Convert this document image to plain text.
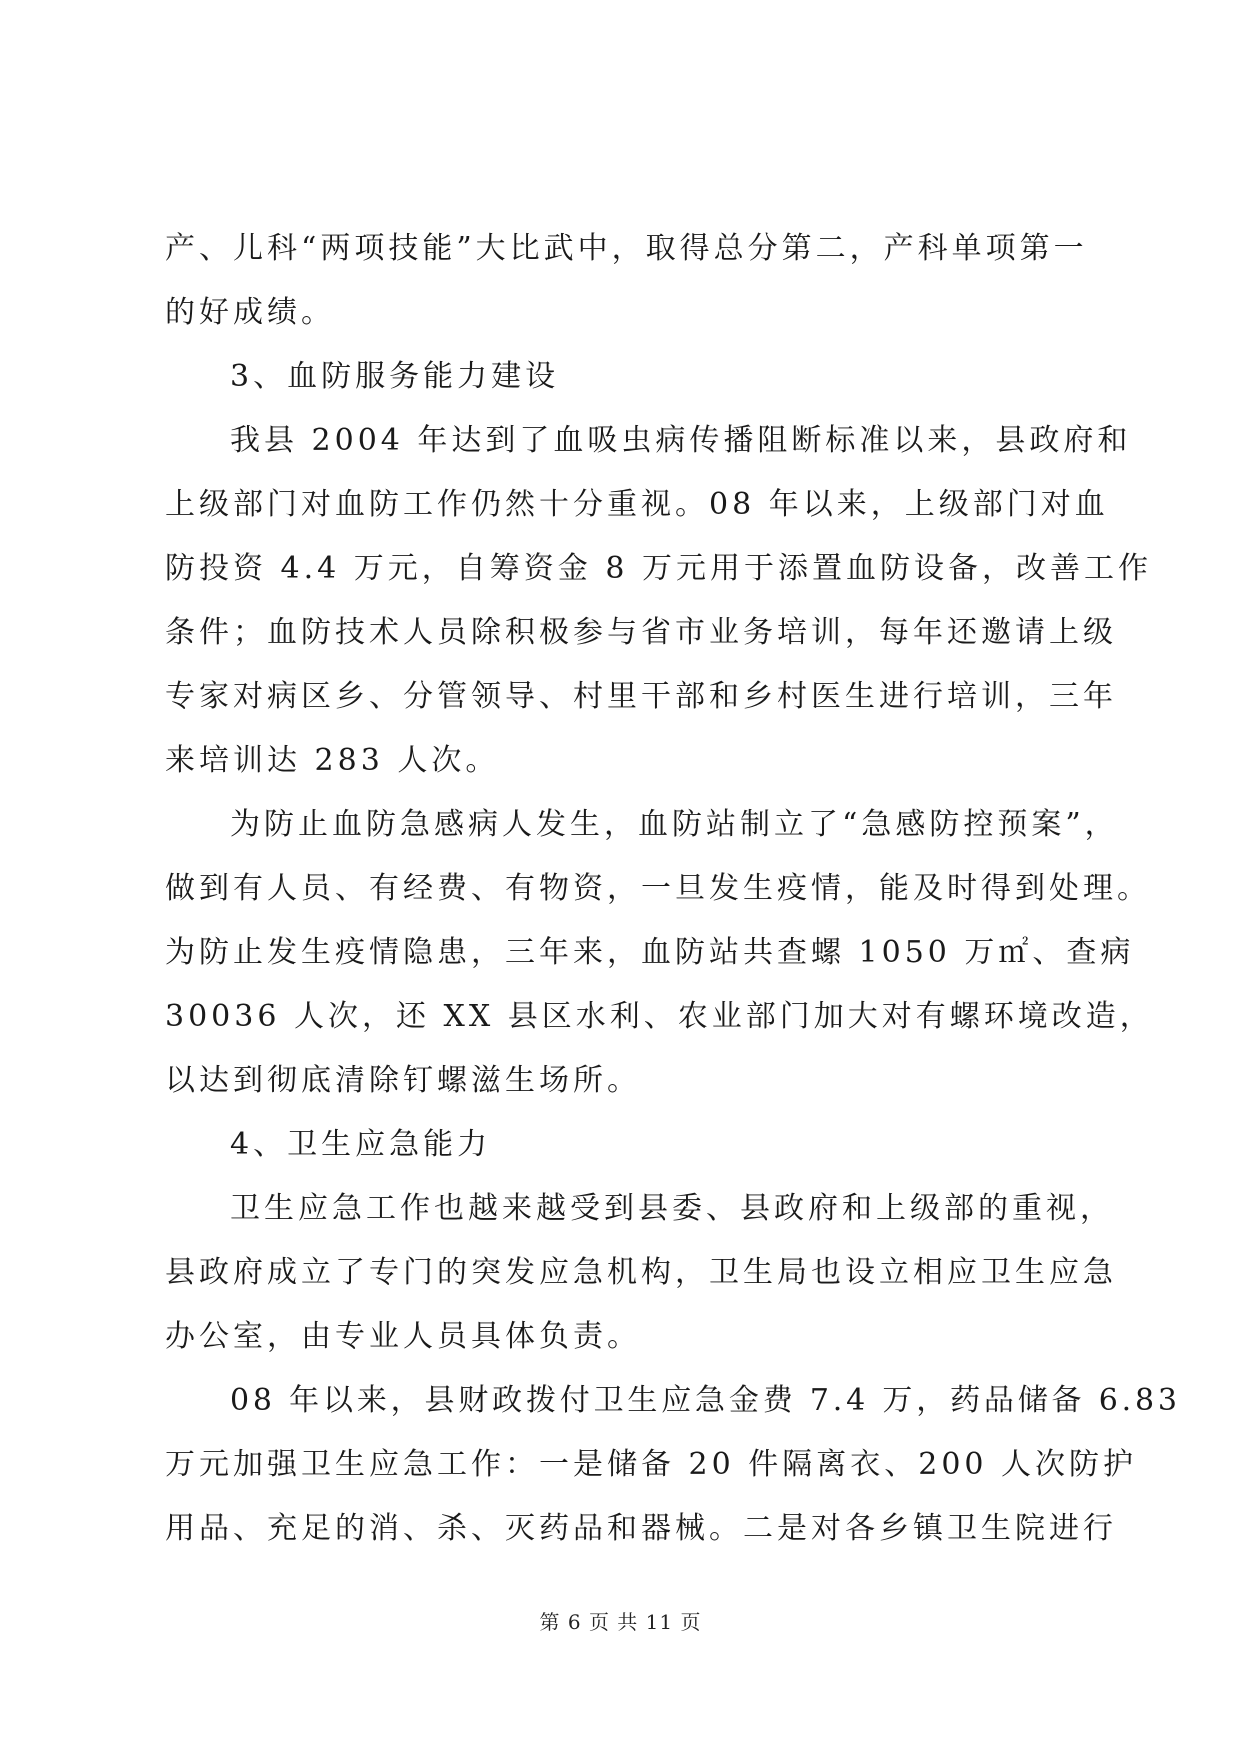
产、儿科“两项技能”大比武中，取得总分第二，产科单项第一
的好成绩。
3、血防服务能力建设
我县 2004 年达到了血吸虫病传播阻断标准以来，县政府和
上级部门对血防工作仍然十分重视。08 年以来，上级部门对血
防投资 4.4 万元，自筹资金 8 万元用于添置血防设备，改善工作
条件；血防技术人员除积极参与省市业务培训，每年还邀请上级
专家对病区乡、分管领导、村里干部和乡村医生进行培训，三年
来培训达 283 人次。
为防止血防急感病人发生，血防站制立了“急感防控预案”，
做到有人员、有经费、有物资，一旦发生疫情，能及时得到处理。
为防止发生疫情隐患，三年来，血防站共查螺 1050 万㎡、查病
30036 人次，还 XX 县区水利、农业部门加大对有螺环境改造，
以达到彻底清除钉螺滋生场所。
4、卫生应急能力
卫生应急工作也越来越受到县委、县政府和上级部的重视，
县政府成立了专门的突发应急机构，卫生局也设立相应卫生应急
办公室，由专业人员具体负责。
08 年以来，县财政拨付卫生应急金费 7.4 万，药品储备 6.83
万元加强卫生应急工作：一是储备 20 件隔离衣、200 人次防护
用品、充足的消、杀、灭药品和器械。二是对各乡镇卫生院进行
第 6 页 共 11 页
